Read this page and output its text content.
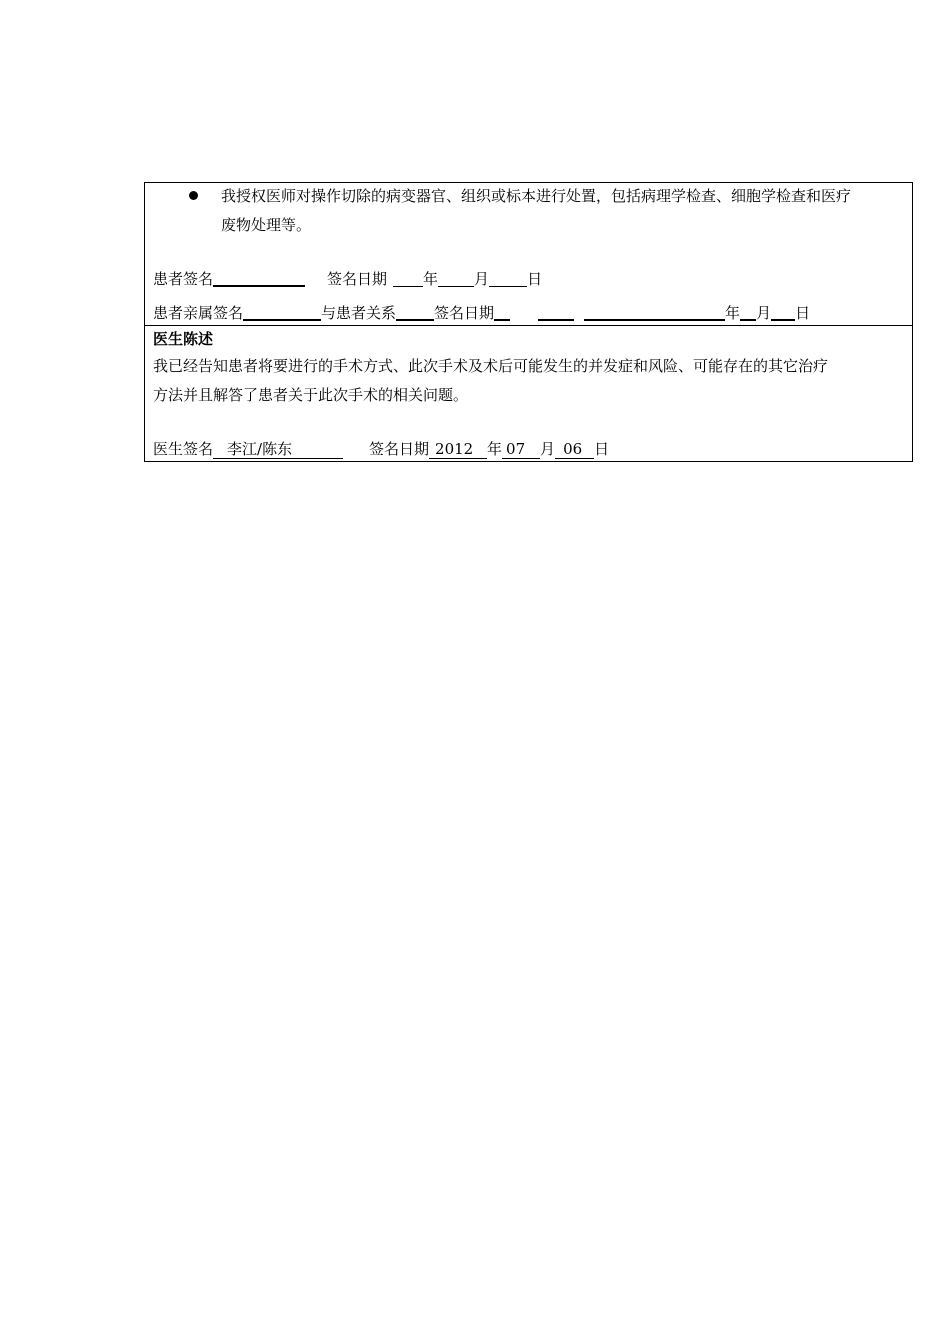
我授权医师对操作切除的病变器官、组织或标本进行处置，包括病理学检查、细胞学检查和医疗
废物处理等。
患者签名	签名日期 年 月	日
患者亲属签名	与患者关系	签名日期	年 月 日
医生陈述
我已经告知患者将要进行的手术方式、此次手术及术后可能发生的并发症和风险、可能存在的其它治疗
方法并且解答了患者关于此次手术的相关问题。
医生签名 李江/陈东	签名日期 2012 年 07 月 06 日
